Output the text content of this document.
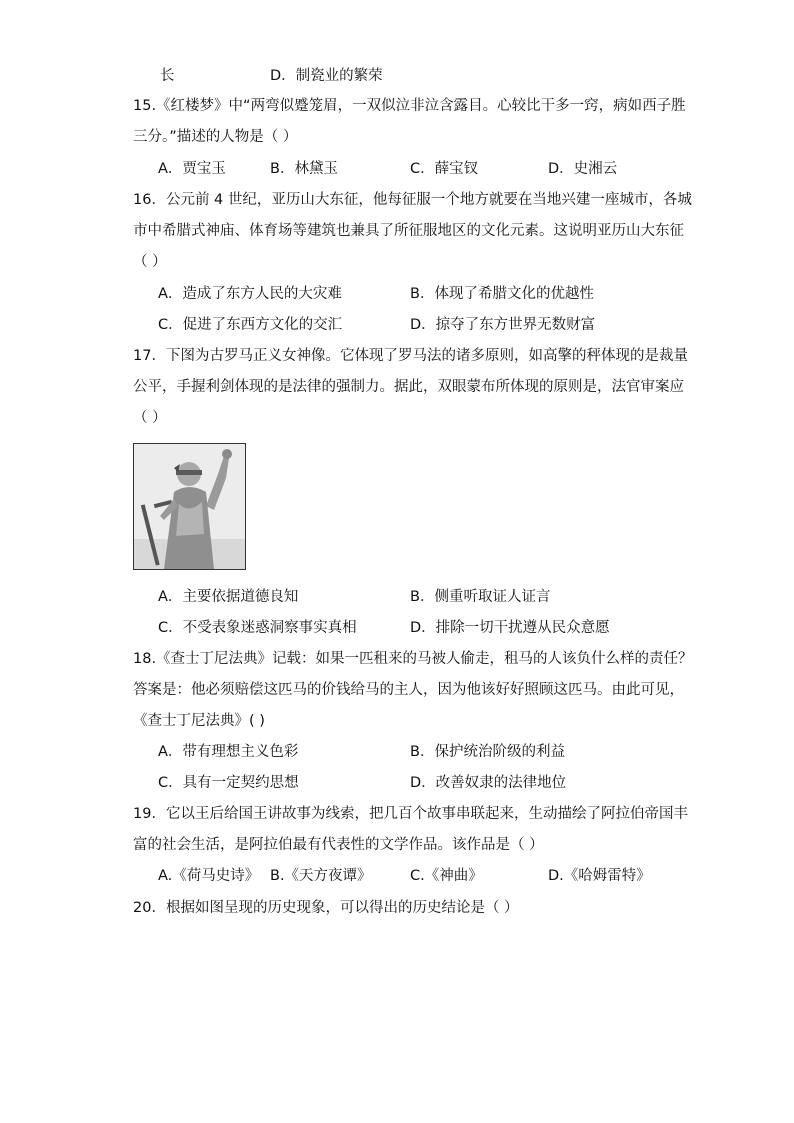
长	D．制瓷业的繁荣
15.《红楼梦》中“两弯似蹙笼眉，一双似泣非泣含露目。心较比干多一窍，病如西子胜
三分。”描述的人物是（ ）
A．贾宝玉	B．林黛玉	C．薛宝钗	D．史湘云
16．公元前 4 世纪，亚历山大东征，他每征服一个地方就要在当地兴建一座城市，各城
市中希腊式神庙、体育场等建筑也兼具了所征服地区的文化元素。这说明亚历山大东征
（ ）
A．造成了东方人民的大灾难	B．体现了希腊文化的优越性
C．促进了东西方文化的交汇	D．掠夺了东方世界无数财富
17．下图为古罗马正义女神像。它体现了罗马法的诸多原则，如高擎的秤体现的是裁量
公平，手握利剑体现的是法律的强制力。据此，双眼蒙布所体现的原则是，法官审案应
（ ）
A．主要依据道德良知	B．侧重听取证人证言
C．不受表象迷惑洞察事实真相	D．排除一切干扰遵从民众意愿
18.《查士丁尼法典》记载：如果一匹租来的马被人偷走，租马的人该负什么样的责任？
答案是：他必须赔偿这匹马的价钱给马的主人，因为他该好好照顾这匹马。由此可见，
《查士丁尼法典》( )
A．带有理想主义色彩	B．保护统治阶级的利益
C．具有一定契约思想	D．改善奴隶的法律地位
19．它以王后给国王讲故事为线索，把几百个故事串联起来，生动描绘了阿拉伯帝国丰
富的社会生活，是阿拉伯最有代表性的文学作品。该作品是（ ）
A.《荷马史诗》 B.《天方夜谭》	C.《神曲》	D.《哈姆雷特》
20．根据如图呈现的历史现象，可以得出的历史结论是（ ）
